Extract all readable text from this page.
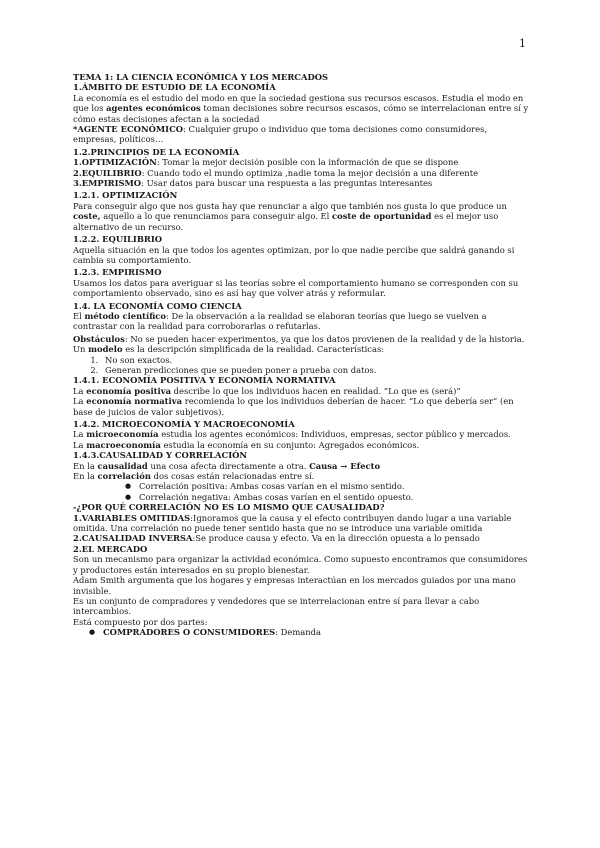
1

TEMA 1: LA CIENCIA ECONÓMICA Y LOS MERCADOS

1.ÁMBITO DE ESTUDIO DE LA ECONOMÍA

La economía es el estudio del modo en que la sociedad gestiona sus recursos escasos. Estudia el modo en que los agentes económicos toman decisiones sobre recursos escasos, cómo se interrelacionan entre sí y cómo estas decisiones afectan a la sociedad

*AGENTE ECONÓMICO: Cualquier grupo o individuo que toma decisiones como consumidores, empresas, políticos…

1.2.PRINCIPIOS DE LA ECONOMÍA

1.OPTIMIZACIÓN: Tomar la mejor decisión posible con la información de que se dispone

2.EQUILIBRIO: Cuando todo el mundo optimiza ,nadie toma la mejor decisión a una diferente

3.EMPIRISMO: Usar datos para buscar una respuesta a las preguntas interesantes

1.2.1. OPTIMIZACIÓN

Para conseguir algo que nos gusta hay que renunciar a algo que también nos gusta lo que produce un coste, aquello a lo que renunciamos para conseguir algo. El coste de oportunidad es el mejor uso alternativo de un recurso.

1.2.2. EQUILIBRIO

Aquella situación en la que todos los agentes optimizan, por lo que nadie percibe que saldrá ganando si cambia su comportamiento.

1.2.3. EMPIRISMO

Usamos los datos para averiguar si las teorías sobre el comportamiento humano se corresponden con su comportamiento observado, sino es así hay que volver atrás y reformular.

1.4. LA ECONOMÍA COMO CIENCIA

El método científico: De la observación a la realidad se elaboran teorías que luego se vuelven a contrastar con la realidad para corroborarlas o refutarlas.

Obstáculos: No se pueden hacer experimentos, ya que los datos provienen de la realidad y de la historia.

Un modelo es la descripción simplificada de la realidad. Características:

1. No son exactos.
2. Generan predicciones que se pueden poner a prueba con datos.

1.4.1. ECONOMÍA POSITIVA Y ECONOMÍA NORMATIVA

La economía positiva describe lo que los individuos hacen en realidad. “Lo que es (será)”

La economía normativa recomienda lo que los individuos deberían de hacer. “Lo que debería ser” (en base de juicios de valor subjetivos).

1.4.2. MICROECONOMÍA Y MACROECONOMÍA

La microeconomía estudia los agentes económicos: Individuos, empresas, sector público y mercados.

La macroeconomía estudia la economía en su conjunto: Agregados económicos.

1.4.3.CAUSALIDAD Y CORRELACIÓN

En la causalidad una cosa afecta directamente a otra. Causa → Efecto

En la correlación dos cosas están relacionadas entre sí.

● Correlación positiva: Ambas cosas varían en el mismo sentido.
● Correlación negativa: Ambas cosas varían en el sentido opuesto.

-¿POR QUÉ CORRELACIÓN NO ES LO MISMO QUE CAUSALIDAD?

1.VARIABLES OMITIDAS:Ignoramos que la causa y el efecto contribuyen dando lugar a una variable omitida. Una correlación no puede tener sentido hasta que no se introduce una variable omitida

2.CAUSALIDAD INVERSA:Se produce causa y efecto. Va en la dirección opuesta a lo pensado

2.EL MERCADO

Son un mecanismo para organizar la actividad económica. Como supuesto encontramos que consumidores y productores están interesados en su propio bienestar.

Adam Smith argumenta que los hogares y empresas interactúan en los mercados guiados por una mano invisible.

Es un conjunto de compradores y vendedores que se interrelacionan entre sí para llevar a cabo intercambios.

Está compuesto por dos partes:

● COMPRADORES O CONSUMIDORES: Demanda
